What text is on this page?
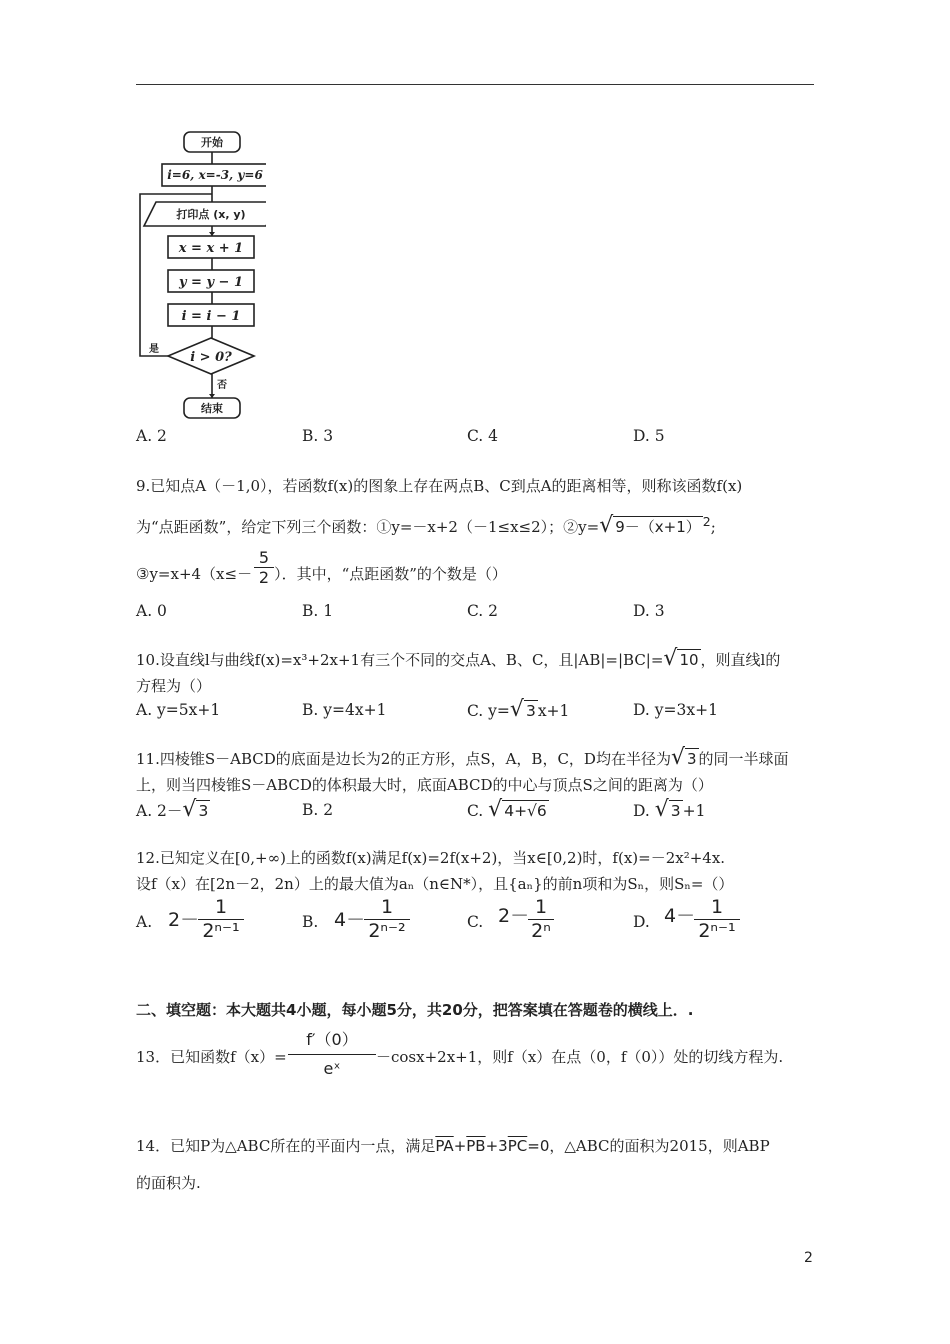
开始
i=6, x=-3, y=6
打印点 (x, y)
x = x + 1
y = y − 1
i = i − 1
i > 0?
是
否
结束
A. 2	B. 3	C. 4	D. 5
9.已知点A（－1,0），若函数f(x)的图象上存在两点B、C到点A的距离相等，则称该函数f(x)
为“点距函数”，给定下列三个函数：①y=－x+2（－1≤x≤2）；②y=√ 9－（x+1） $^2$;
③y=x+4（x≤－ ）．其中，“点距函数”的个数是（）
$\frac{5}{2}$
A. 0	B. 1	C. 2	D. 3
10.设直线l与曲线f(x)=x³+2x+1有三个不同的交点A、B、C，且|AB|=|BC|=√ 10 ，则直线l的
方程为（）
A. y=5x+1	B. y=4x+1	C. y=√ 3 x+1	D. y=3x+1
11.四棱锥S－ABCD的底面是边长为2的正方形，点S，A，B，C，D均在半径为√ 3 的同一半球面
上，则当四棱锥S－ABCD的体积最大时，底面ABCD的中心与顶点S之间的距离为（）
A. 2－√ 3	B. 2	C. √ 4+√6	D. √ 3 +1
12.已知定义在[0,+∞)上的函数f(x)满足f(x)=2f(x+2)，当x∈[0,2)时，f(x)=－2x²+4x.
设f（x）在[2n－2，2n）上的最大值为aₙ（n∈N*），且{aₙ}的前n项和为Sₙ，则Sₙ=（）
A. 2－
$\frac{1}{\text{2ⁿ⁻¹}}$	B. 4－
$\frac{1}{\text{2ⁿ⁻²}}$	C. 2－
$\frac{1}{\text{2ⁿ}}$	D. 4－
$\frac{1}{\text{2ⁿ⁻¹}}$
二、填空题：本大题共4小题，每小题5分，共20分，把答案填在答题卷的横线上．.
13．已知函数$f(x)= \frac{f'(0)}{\text{eˣ}} -\cos x+2x+1$，则f（x）在点（0，f（0））处的切线方程为.
14．已知P为△ABC所在的平面内一点，满足$\overline{PA}+\overline{PB}+3\overline{PC}=0$，△ABC的面积为2015，则ABP
的面积为.
2
